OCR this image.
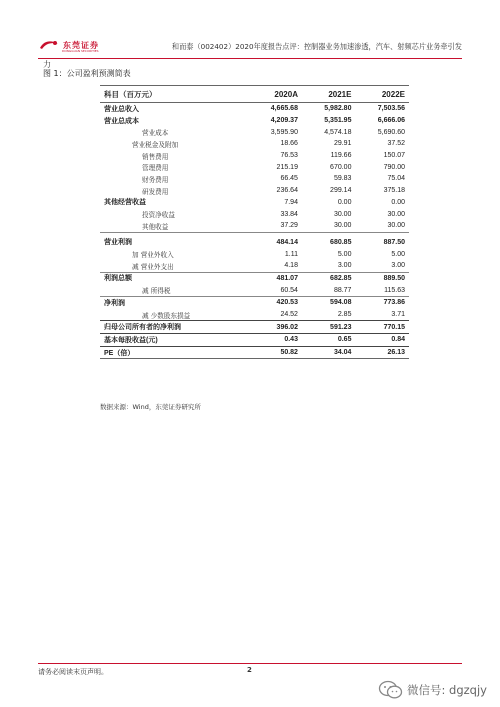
东莞证券
DONGGUAN SECURITIES	和而泰（002402）2020年度报告点评：控制器业务加速渗透，汽车、射频芯片业务牵引发
力
图 1：公司盈利预测简表
科目（百万元）	2020A	2021E	2022E
营业总收入	4,665.68	5,982.80	7,503.56
营业总成本	4,209.37	5,351.95	6,666.06
营业成本	3,595.90	4,574.18	5,690.60
营业税金及附加	18.66	29.91	37.52
销售费用	76.53	119.66	150.07
管理费用	215.19	670.00	790.00
财务费用	66.45	59.83	75.04
研发费用	236.64	299.14	375.18
其他经营收益	7.94	0.00	0.00
投资净收益	33.84	30.00	30.00
其他收益	37.29	30.00	30.00
营业利润	484.14	680.85	887.50
加 营业外收入	1.11	5.00	5.00
减 营业外支出	4.18	3.00	3.00
利润总额	481.07	682.85	889.50
减 所得税	60.54	88.77	115.63
净利润	420.53	594.08	773.86
减 少数股东损益	24.52	2.85	3.71
归母公司所有者的净利润	396.02	591.23	770.15
基本每股收益(元)	0.43	0.65	0.84
PE（倍）	50.82	34.04	26.13
数据来源：Wind，东莞证券研究所
请务必阅读末页声明。	2
微信号: dgzqjy
